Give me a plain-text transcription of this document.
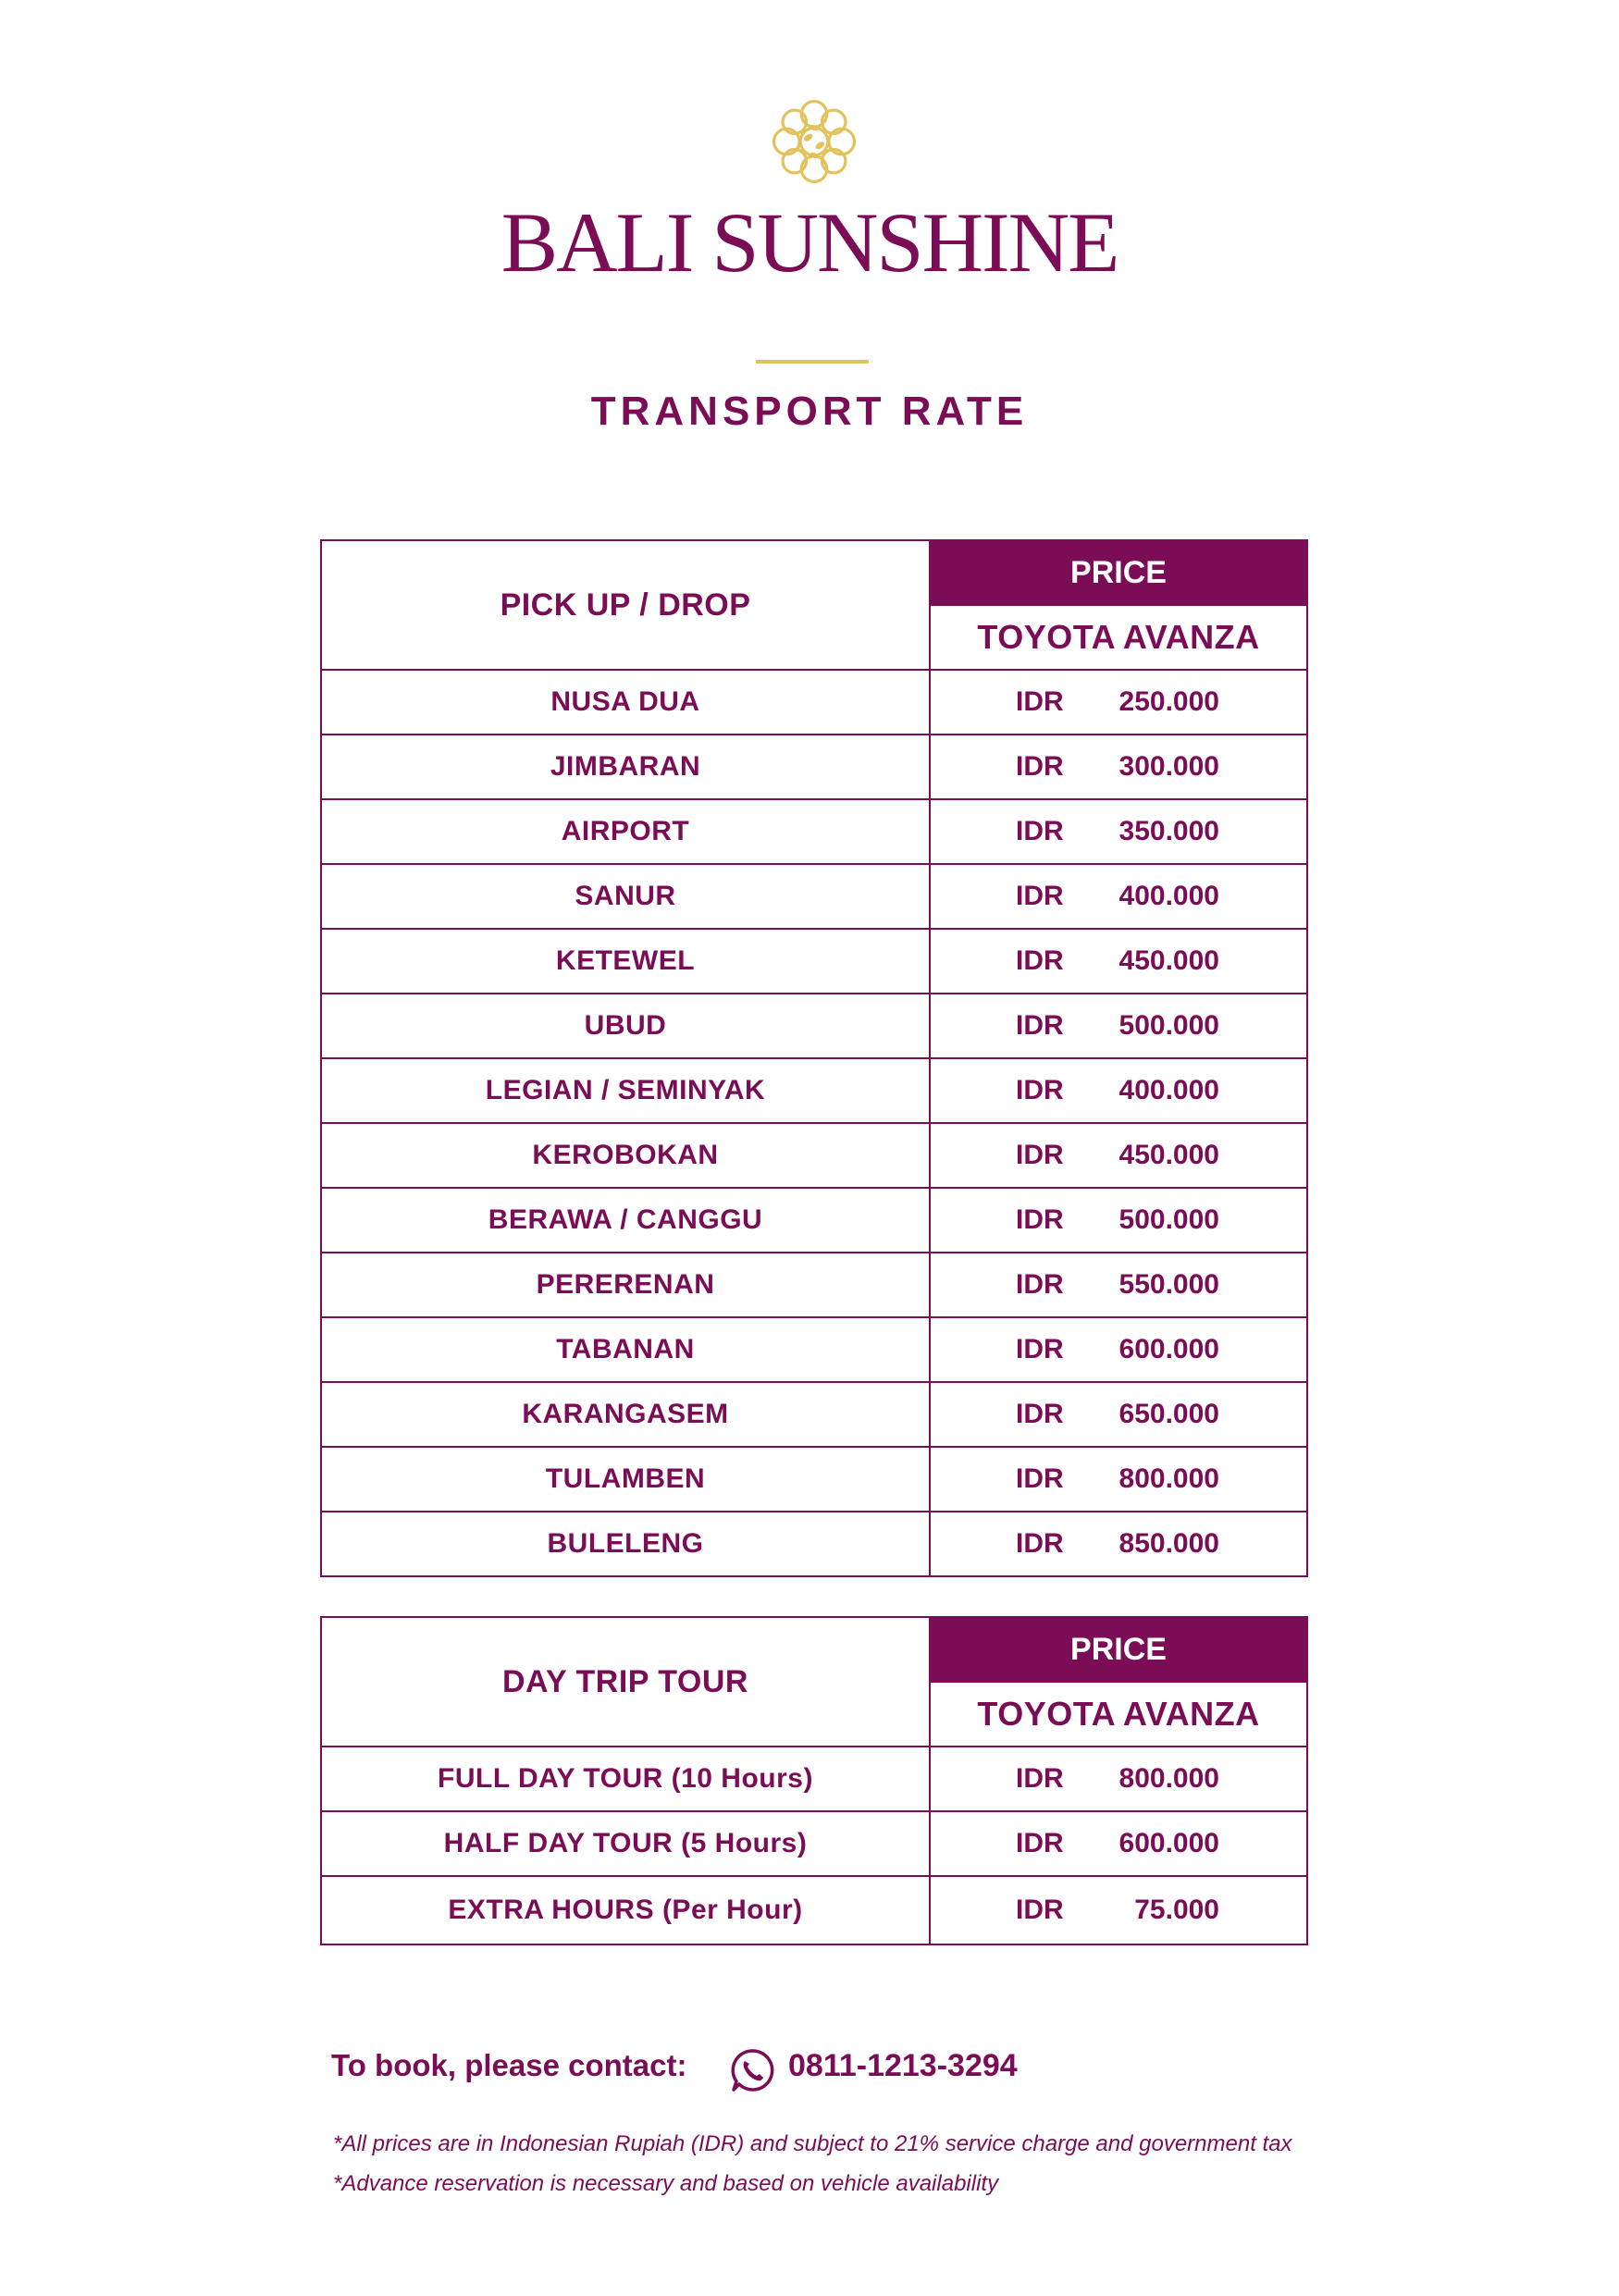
BALI SUNSHINE
TRANSPORT RATE
PICK UP / DROP	PRICE
	TOYOTA AVANZA
NUSA DUA	IDR 250.000

JIMBARAN	IDR 300.000

AIRPORT	IDR 350.000

SANUR	IDR 400.000

KETEWEL	IDR 450.000

UBUD	IDR 500.000

LEGIAN / SEMINYAK	IDR 400.000

KEROBOKAN	IDR 450.000

BERAWA / CANGGU	IDR 500.000

PERERENAN	IDR 550.000

TABANAN	IDR 600.000

KARANGASEM	IDR 650.000

TULAMBEN	IDR 800.000

BULELENG	IDR 850.000
DAY TRIP TOUR	PRICE
	TOYOTA AVANZA
FULL DAY TOUR (10 Hours)	IDR 800.000

HALF DAY TOUR (5 Hours)	IDR 600.000

EXTRA HOURS (Per Hour)	IDR 75.000
To book, please contact:	0811-1213-3294
*All prices are in Indonesian Rupiah (IDR) and subject to 21% service charge and government tax
*Advance reservation is necessary and based on vehicle availability
